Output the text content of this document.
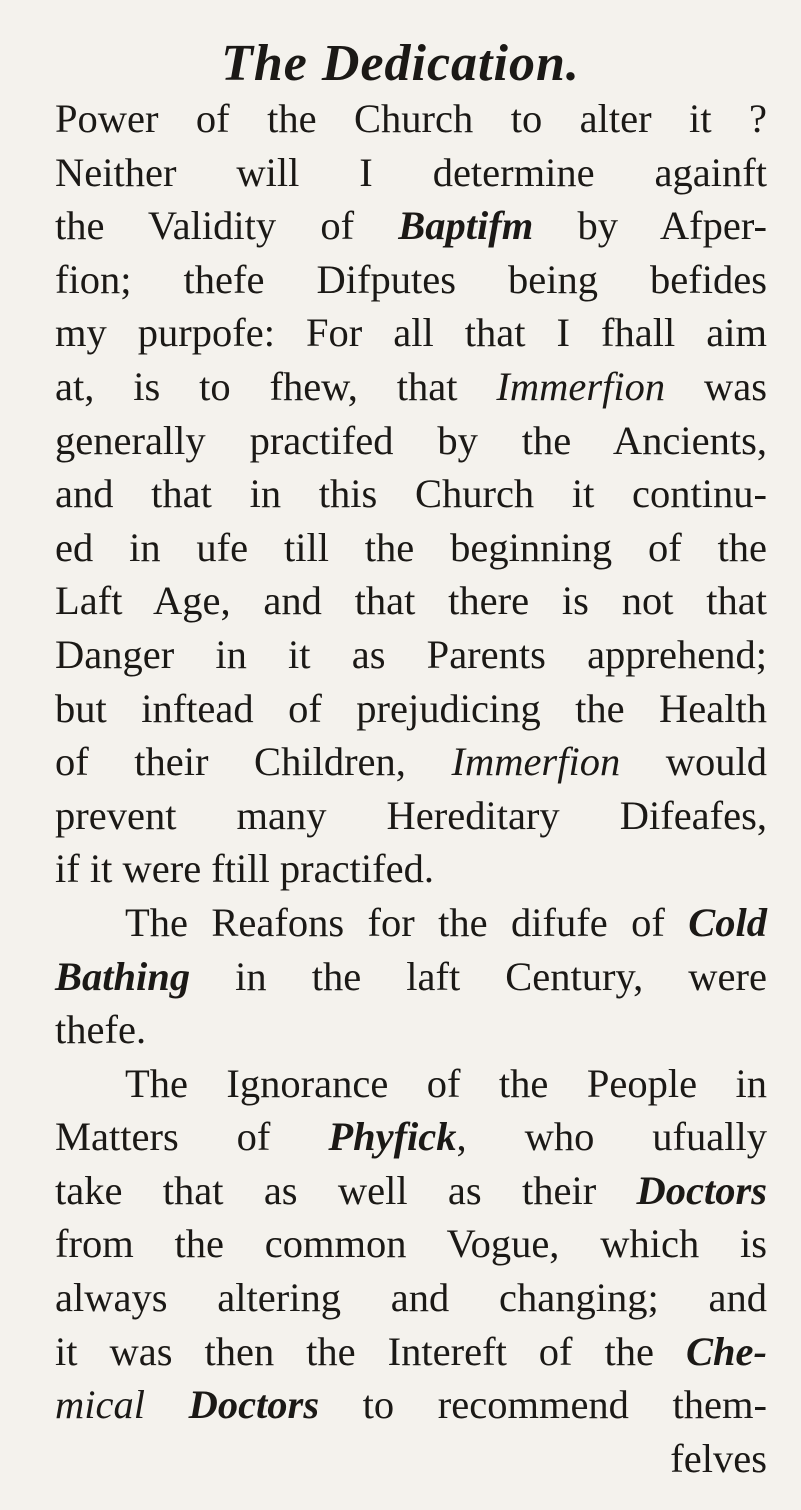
The Dedication.
Power of the Church to alter it ?
Neither will I determine againft
the Validity of Baptifm by Afper-
fion; thefe Difputes being befides
my purpofe: For all that I fhall aim
at, is to fhew, that Immerfion was
generally practifed by the Ancients,
and that in this Church it continu-
ed in ufe till the beginning of the
Laft Age, and that there is not that
Danger in it as Parents apprehend;
but inftead of prejudicing the Health
of their Children, Immerfion would
prevent many Hereditary Difeafes,
if it were ftill practifed.
The Reafons for the difufe of Cold
Bathing in the laft Century, were
thefe.
The Ignorance of the People in
Matters of Phyfick, who ufually
take that as well as their Doctors
from the common Vogue, which is
always altering and changing; and
it was then the Intereft of the Che-
mical Doctors to recommend them-
felves
